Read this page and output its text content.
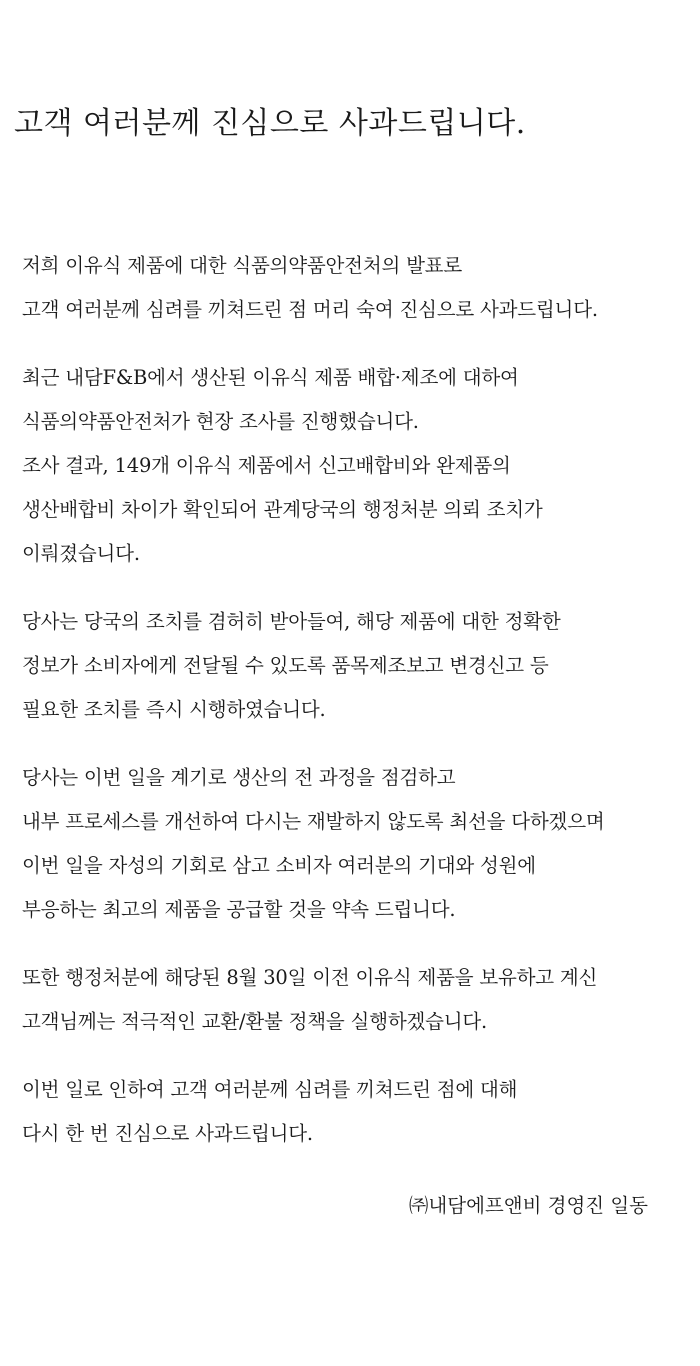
고객 여러분께 진심으로 사과드립니다.

저희 이유식 제품에 대한 식품의약품안전처의 발표로
고객 여러분께 심려를 끼쳐드린 점 머리 숙여 진심으로 사과드립니다.

최근 내담F&B에서 생산된 이유식 제품 배합·제조에 대하여
식품의약품안전처가 현장 조사를 진행했습니다.
조사 결과, 149개 이유식 제품에서 신고배합비와 완제품의
생산배합비 차이가 확인되어 관계당국의 행정처분 의뢰 조치가
이뤄졌습니다.

당사는 당국의 조치를 겸허히 받아들여, 해당 제품에 대한 정확한
정보가 소비자에게 전달될 수 있도록 품목제조보고 변경신고 등
필요한 조치를 즉시 시행하였습니다.

당사는 이번 일을 계기로 생산의 전 과정을 점검하고
내부 프로세스를 개선하여 다시는 재발하지 않도록 최선을 다하겠으며
이번 일을 자성의 기회로 삼고 소비자 여러분의 기대와 성원에
부응하는 최고의 제품을 공급할 것을 약속 드립니다.

또한 행정처분에 해당된 8월 30일 이전 이유식 제품을 보유하고 계신
고객님께는 적극적인 교환/환불 정책을 실행하겠습니다.

이번 일로 인하여 고객 여러분께 심려를 끼쳐드린 점에 대해
다시 한 번 진심으로 사과드립니다.

㈜내담에프앤비 경영진 일동
